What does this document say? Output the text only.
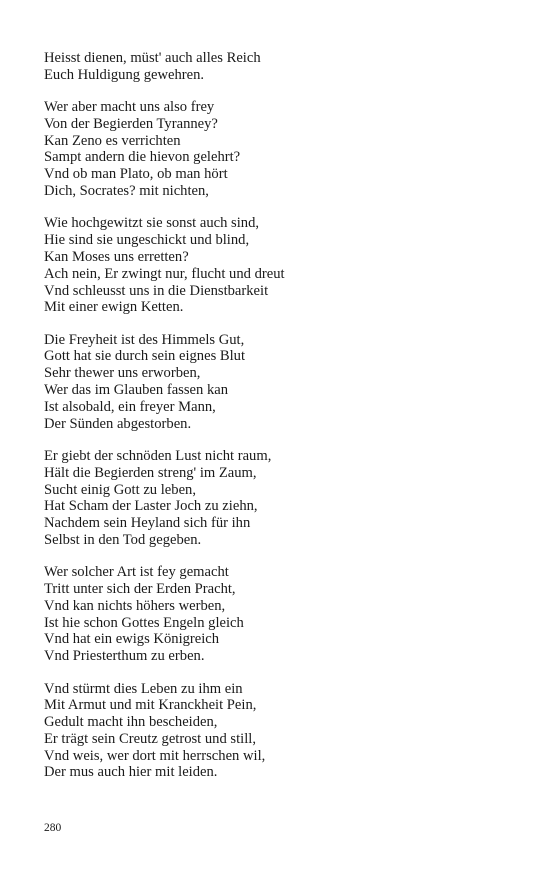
Heisst dienen, müst' auch alles Reich
Euch Huldigung gewehren.
Wer aber macht uns also frey
Von der Begierden Tyranney?
Kan Zeno es verrichten
Sampt andern die hievon gelehrt?
Vnd ob man Plato, ob man hört
Dich, Socrates? mit nichten,
Wie hochgewitzt sie sonst auch sind,
Hie sind sie ungeschickt und blind,
Kan Moses uns erretten?
Ach nein, Er zwingt nur, flucht und dreut
Vnd schleusst uns in die Dienstbarkeit
Mit einer ewign Ketten.
Die Freyheit ist des Himmels Gut,
Gott hat sie durch sein eignes Blut
Sehr thewer uns erworben,
Wer das im Glauben fassen kan
Ist alsobald, ein freyer Mann,
Der Sünden abgestorben.
Er giebt der schnöden Lust nicht raum,
Hält die Begierden streng' im Zaum,
Sucht einig Gott zu leben,
Hat Scham der Laster Joch zu ziehn,
Nachdem sein Heyland sich für ihn
Selbst in den Tod gegeben.
Wer solcher Art ist fey gemacht
Tritt unter sich der Erden Pracht,
Vnd kan nichts höhers werben,
Ist hie schon Gottes Engeln gleich
Vnd hat ein ewigs Königreich
Vnd Priesterthum zu erben.
Vnd stürmt dies Leben zu ihm ein
Mit Armut und mit Kranckheit Pein,
Gedult macht ihn bescheiden,
Er trägt sein Creutz getrost und still,
Vnd weis, wer dort mit herrschen wil,
Der mus auch hier mit leiden.
280
